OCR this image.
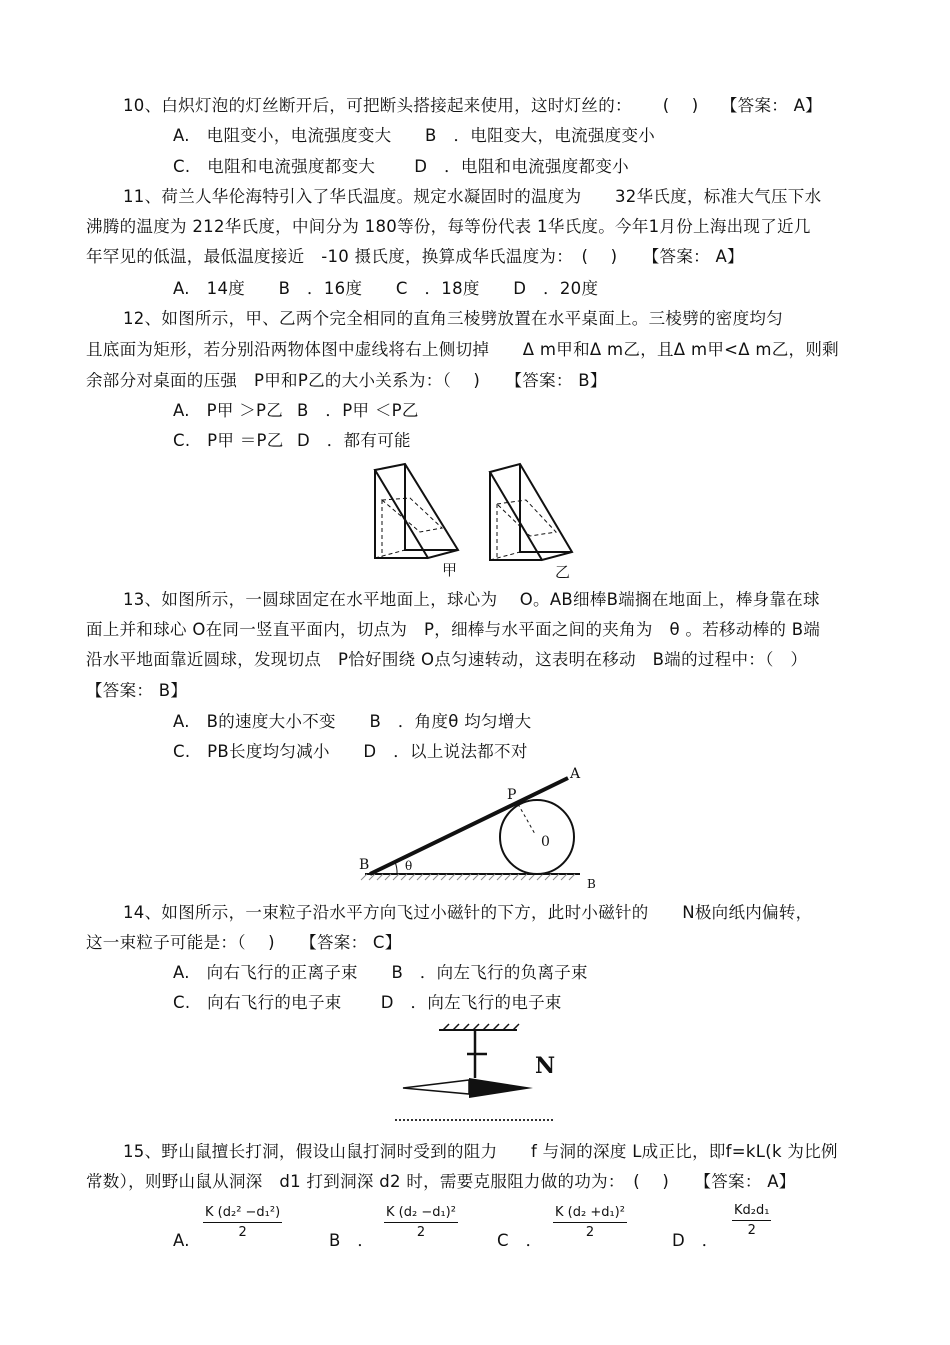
10、白炽灯泡的灯丝断开后，可把断头搭接起来使用，这时灯丝的：　　 ( 　)　 【答案： A】
A.　电阻变小，电流强度变大　　B　．电阻变大，电流强度变小
C.　电阻和电流强度都变大　　 D　．电阻和电流强度都变小
11、荷兰人华伦海特引入了华氏温度。规定水凝固时的温度为　　32华氏度，标准大气压下水
沸腾的温度为 212华氏度，中间分为 180等份，每等份代表 1华氏度。今年1月份上海出现了近几
年罕见的低温，最低温度接近　-10 摄氏度，换算成华氏温度为：　(　 )　　【答案： A】
A.　14度　　B　．16度　　C　．18度　　D　．20度
12、如图所示，甲、乙两个完全相同的直角三棱劈放置在水平桌面上。三棱劈的密度均匀
且底面为矩形，若分别沿两物体图中虚线将右上侧切掉　　Δ m甲和Δ m乙，且Δ m甲<Δ m乙，则剩
余部分对桌面的压强　P甲和P乙的大小关系为：（ 　)　　【答案： B】
A.　P甲 ＞P乙 B　．P甲 ＜P乙
C.　P甲 ＝P乙 D　．都有可能
甲	乙
13、如图所示，一圆球固定在水平地面上，球心为　 O。AB细棒B端搁在地面上，棒身靠在球
面上并和球心 O在同一竖直平面内，切点为　P，细棒与水平面之间的夹角为　θ 。若移动棒的 B端
沿水平地面靠近圆球，发现切点　P恰好围绕 O点匀速转动，这表明在移动　B端的过程中：（　）
【答案： B】
A.　B的速度大小不变　　B　．角度θ 均匀增大
C.　PB长度均匀减小　　D　．以上说法都不对
A
P
0
B	θ
B
14、如图所示，一束粒子沿水平方向飞过小磁针的下方，此时小磁针的　　N极向纸内偏转，
这一束粒子可能是：（ 　)　　【答案： C】
A.　向右飞行的正离子束　　B　．向左飞行的负离子束
C.　向右飞行的电子束　　 D　．向左飞行的电子束
N
15、野山鼠擅长打洞，假设山鼠打洞时受到的阻力　　f 与洞的深度 L成正比，即f=kL(k 为比例
常数），则野山鼠从洞深　d1 打到洞深 d2 时，需要克服阻力做的功为：　(　 )　　【答案： A】
A.
$\frac{\text{K (d₂² −d₁²)}}{2}$
B　．
$\frac{\text{K (d₂ −d₁)²}}{2}$
C　．
$\frac{\text{K (d₂ +d₁)²}}{2}$
D　．
$\frac{\text{Kd₂d₁}}{2}$
